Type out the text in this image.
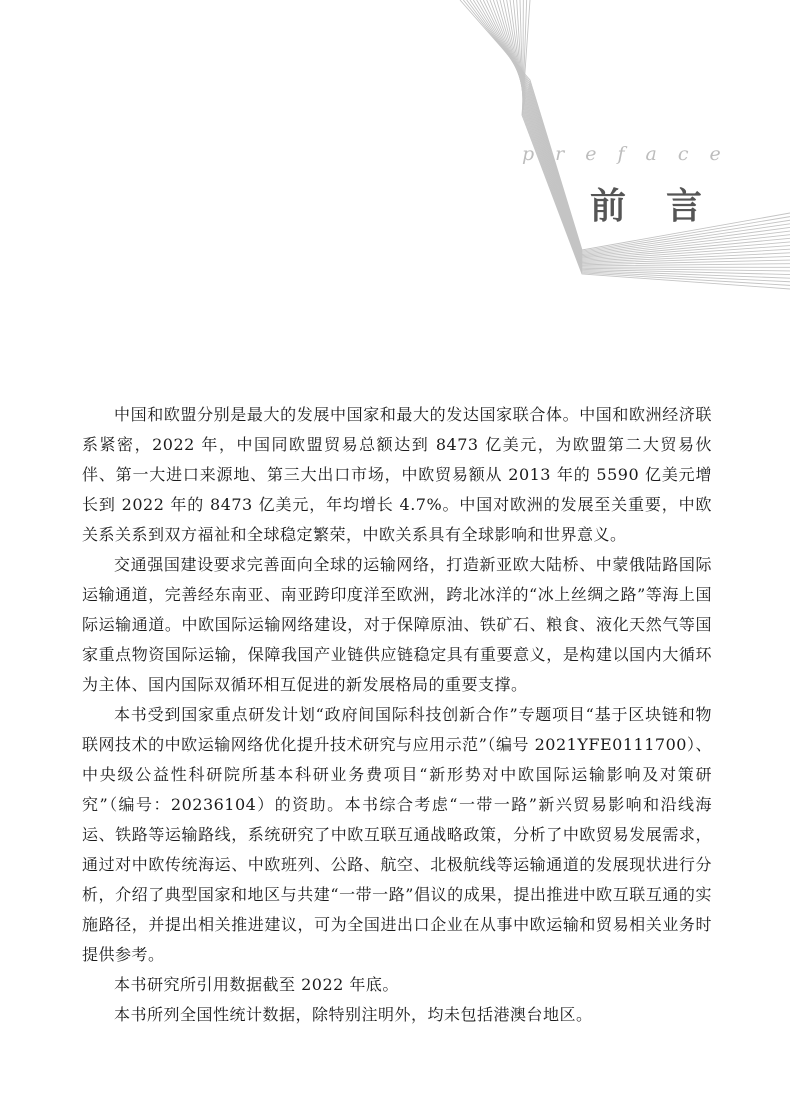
preface
前言

中国和欧盟分别是最大的发展中国家和最大的发达国家联合体。中国和欧洲经济联系紧密，2022 年，中国同欧盟贸易总额达到 8473 亿美元，为欧盟第二大贸易伙伴、第一大进口来源地、第三大出口市场，中欧贸易额从 2013 年的 5590 亿美元增长到 2022 年的 8473 亿美元，年均增长 4.7%。中国对欧洲的发展至关重要，中欧关系关系到双方福祉和全球稳定繁荣，中欧关系具有全球影响和世界意义。

交通强国建设要求完善面向全球的运输网络，打造新亚欧大陆桥、中蒙俄陆路国际运输通道，完善经东南亚、南亚跨印度洋至欧洲，跨北冰洋的“冰上丝绸之路”等海上国际运输通道。中欧国际运输网络建设，对于保障原油、铁矿石、粮食、液化天然气等国家重点物资国际运输，保障我国产业链供应链稳定具有重要意义，是构建以国内大循环为主体、国内国际双循环相互促进的新发展格局的重要支撑。

本书受到国家重点研发计划“政府间国际科技创新合作”专题项目“基于区块链和物联网技术的中欧运输网络优化提升技术研究与应用示范”（编号 2021YFE0111700）、中央级公益性科研院所基本科研业务费项目“新形势对中欧国际运输影响及对策研究”（编号：20236104）的资助。本书综合考虑“一带一路”新兴贸易影响和沿线海运、铁路等运输路线，系统研究了中欧互联互通战略政策，分析了中欧贸易发展需求，通过对中欧传统海运、中欧班列、公路、航空、北极航线等运输通道的发展现状进行分析，介绍了典型国家和地区与共建“一带一路”倡议的成果，提出推进中欧互联互通的实施路径，并提出相关推进建议，可为全国进出口企业在从事中欧运输和贸易相关业务时提供参考。

本书研究所引用数据截至 2022 年底。

本书所列全国性统计数据，除特别注明外，均未包括港澳台地区。
